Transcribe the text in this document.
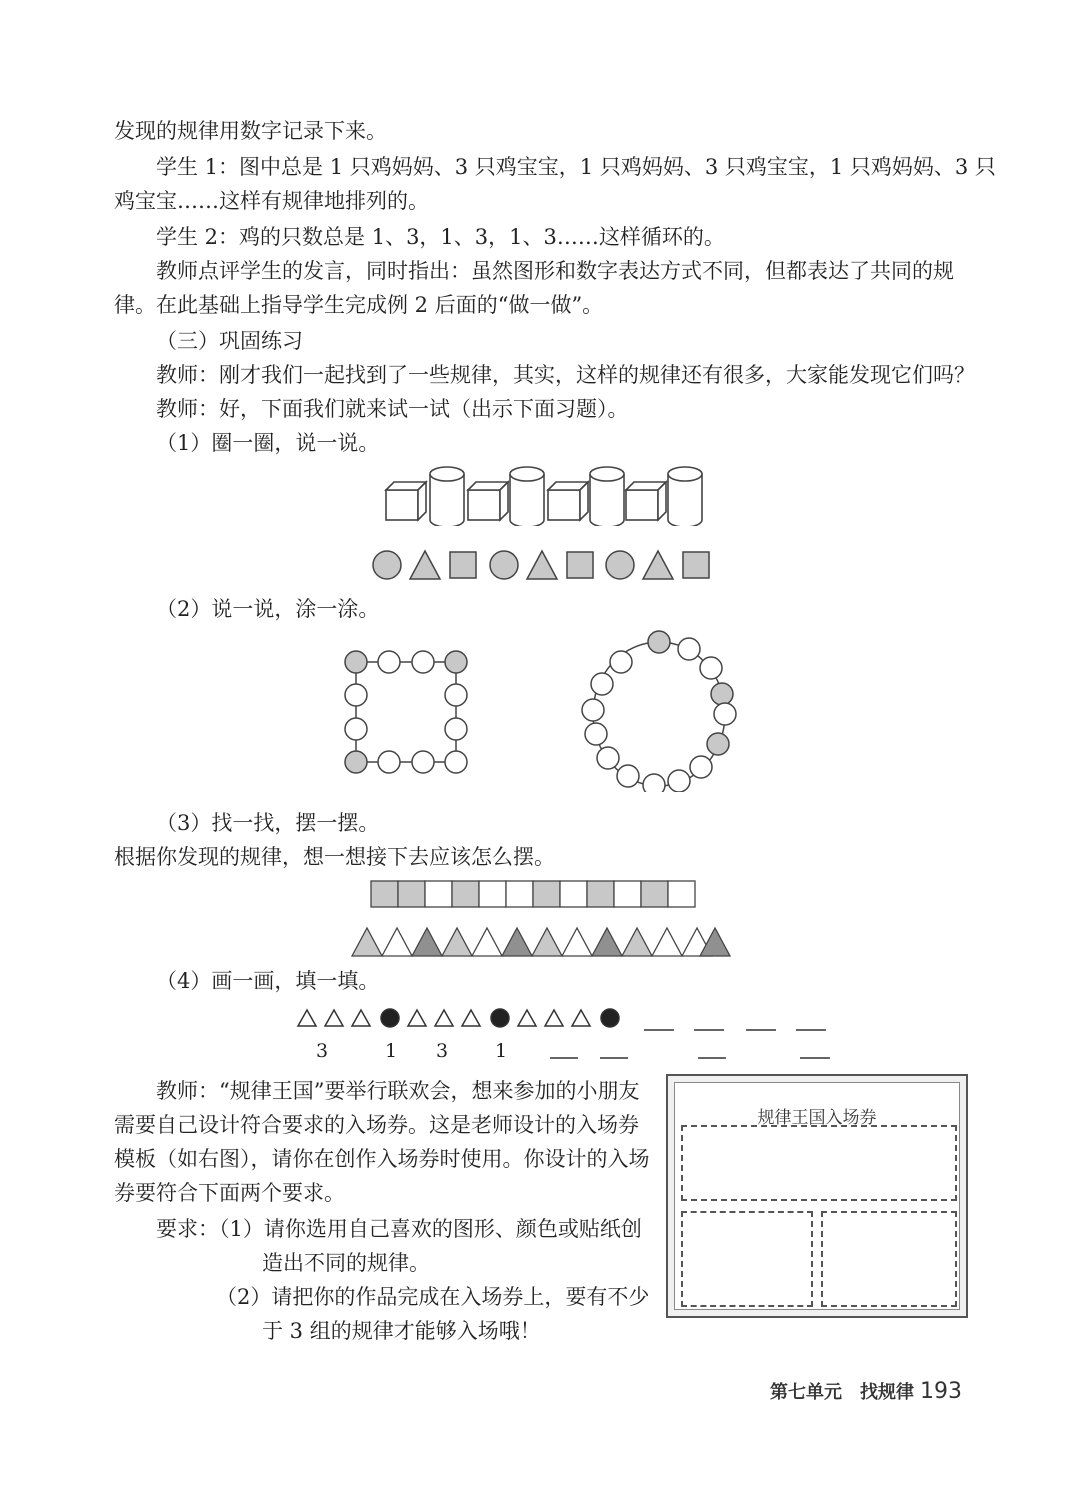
发现的规律用数字记录下来。
学生 1：图中总是 1 只鸡妈妈、3 只鸡宝宝，1 只鸡妈妈、3 只鸡宝宝，1 只鸡妈妈、3 只
鸡宝宝……这样有规律地排列的。
学生 2：鸡的只数总是 1、3，1、3，1、3……这样循环的。
教师点评学生的发言，同时指出：虽然图形和数字表达方式不同，但都表达了共同的规
律。在此基础上指导学生完成例 2 后面的“做一做”。
（三）巩固练习
教师：刚才我们一起找到了一些规律，其实，这样的规律还有很多，大家能发现它们吗？
教师：好，下面我们就来试一试（出示下面习题）。
（1）圈一圈，说一说。
（2）说一说，涂一涂。
（3）找一找，摆一摆。
根据你发现的规律，想一想接下去应该怎么摆。
（4）画一画，填一填。
3	1 3 1
教师：“规律王国”要举行联欢会，想来参加的小朋友
需要自己设计符合要求的入场券。这是老师设计的入场券
模板（如右图），请你在创作入场券时使用。你设计的入场
券要符合下面两个要求。
要求：（1）请你选用自己喜欢的图形、颜色或贴纸创
造出不同的规律。
（2）请把你的作品完成在入场券上，要有不少
于 3 组的规律才能够入场哦！
规律王国入场券
第七单元　找规律 193
